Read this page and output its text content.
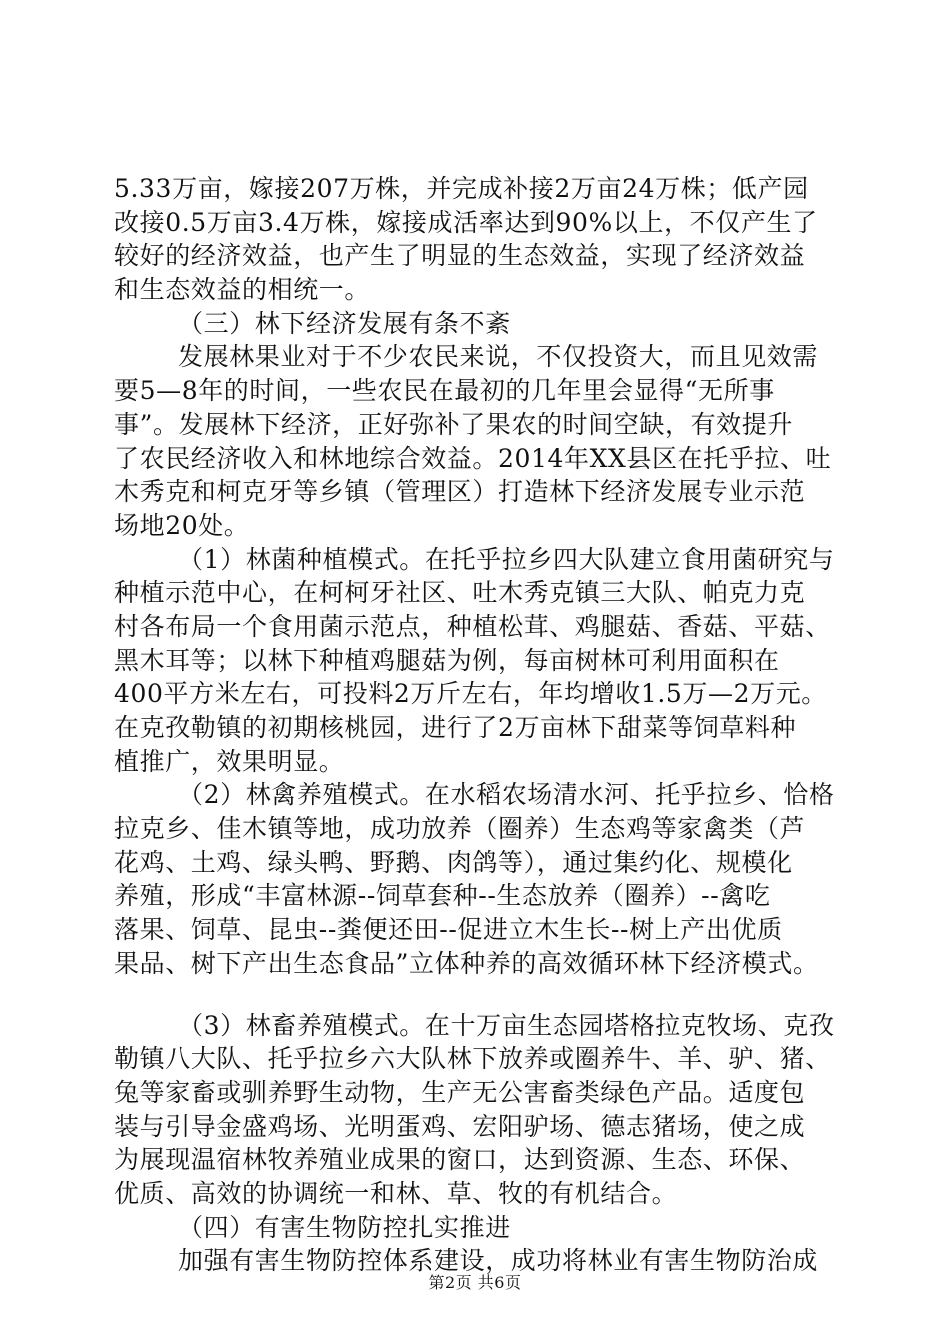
5.33万亩，嫁接207万株，并完成补接2万亩24万株；低产园
改接0.5万亩3.4万株，嫁接成活率达到90%以上，不仅产生了
较好的经济效益，也产生了明显的生态效益，实现了经济效益
和生态效益的相统一。
（三）林下经济发展有条不紊
发展林果业对于不少农民来说，不仅投资大，而且见效需
要5—8年的时间，一些农民在最初的几年里会显得“无所事
事”。发展林下经济，正好弥补了果农的时间空缺，有效提升
了农民经济收入和林地综合效益。2014年XX县区在托乎拉、吐
木秀克和柯克牙等乡镇（管理区）打造林下经济发展专业示范
场地20处。
（1）林菌种植模式。在托乎拉乡四大队建立食用菌研究与
种植示范中心，在柯柯牙社区、吐木秀克镇三大队、帕克力克
村各布局一个食用菌示范点，种植松茸、鸡腿菇、香菇、平菇、
黑木耳等；以林下种植鸡腿菇为例，每亩树林可利用面积在
400平方米左右，可投料2万斤左右，年均增收1.5万—2万元。
在克孜勒镇的初期核桃园，进行了2万亩林下甜菜等饲草料种
植推广，效果明显。
（2）林禽养殖模式。在水稻农场清水河、托乎拉乡、恰格
拉克乡、佳木镇等地，成功放养（圈养）生态鸡等家禽类（芦
花鸡、土鸡、绿头鸭、野鹅、肉鸽等），通过集约化、规模化
养殖，形成“丰富林源--饲草套种--生态放养（圈养）--禽吃
落果、饲草、昆虫--粪便还田--促进立木生长--树上产出优质
果品、树下产出生态食品”立体种养的高效循环林下经济模式。
（3）林畜养殖模式。在十万亩生态园塔格拉克牧场、克孜
勒镇八大队、托乎拉乡六大队林下放养或圈养牛、羊、驴、猪、
兔等家畜或驯养野生动物，生产无公害畜类绿色产品。适度包
装与引导金盛鸡场、光明蛋鸡、宏阳驴场、德志猪场，使之成
为展现温宿林牧养殖业成果的窗口，达到资源、生态、环保、
优质、高效的协调统一和林、草、牧的有机结合。
（四）有害生物防控扎实推进
加强有害生物防控体系建设，成功将林业有害生物防治成
第2页 共6页
